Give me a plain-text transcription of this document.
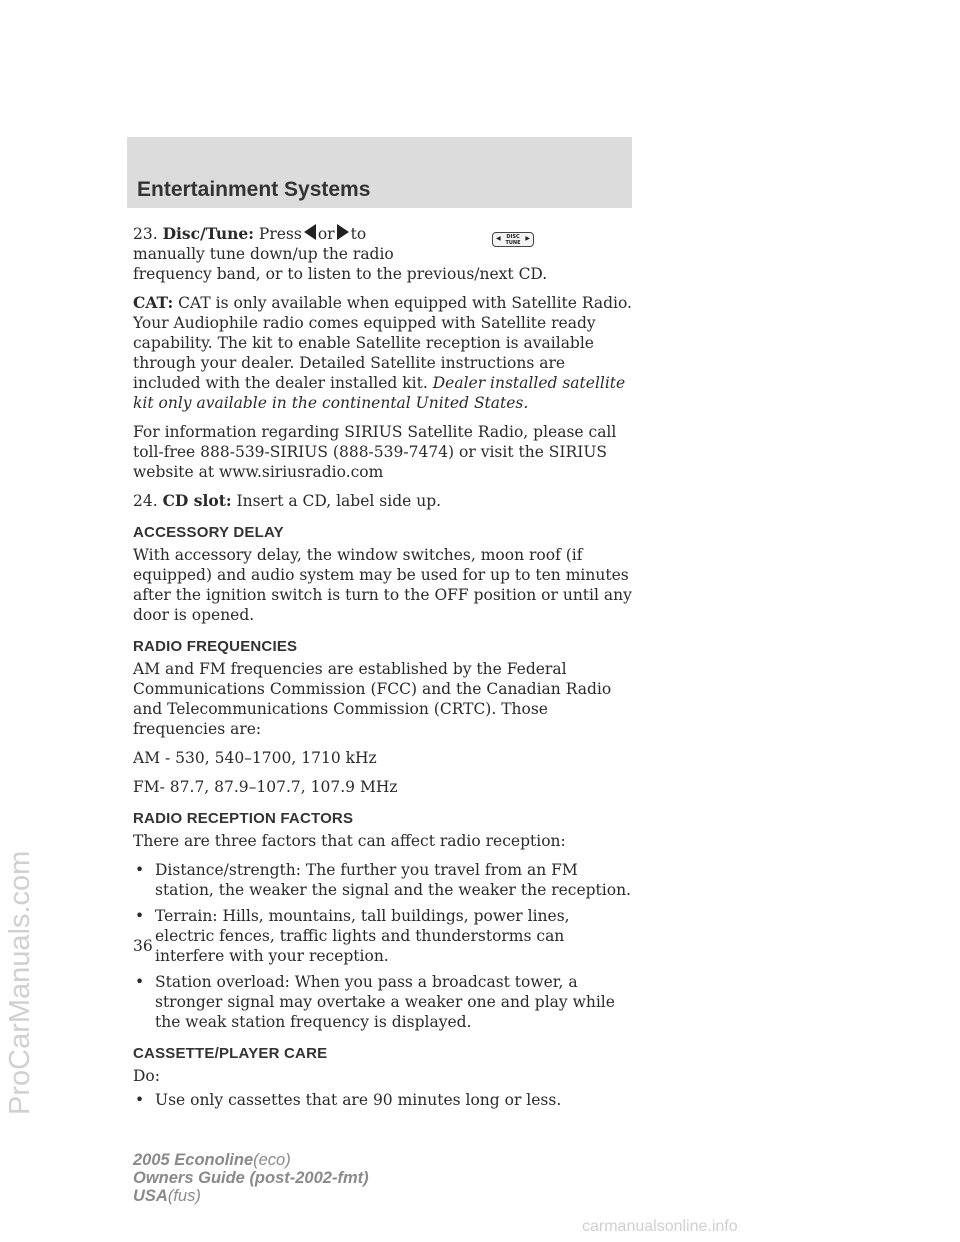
Entertainment Systems

23. Disc/Tune: Press or to

manually tune down/up the radio

frequency band, or to listen to the previous/next CD.

◀ DISC
TUNE
▶

CAT: CAT is only available when equipped with Satellite Radio. Your Audiophile radio comes equipped with Satellite ready capability. The kit to enable Satellite reception is available through your dealer. Detailed Satellite instructions are included with the dealer installed kit. Dealer installed satellite kit only available in the continental United States.

For information regarding SIRIUS Satellite Radio, please call toll-free 888-539-SIRIUS (888-539-7474) or visit the SIRIUS website at www.siriusradio.com

24. CD slot: Insert a CD, label side up.

ACCESSORY DELAY

With accessory delay, the window switches, moon roof (if equipped) and audio system may be used for up to ten minutes after the ignition switch is turn to the OFF position or until any door is opened.

RADIO FREQUENCIES

AM and FM frequencies are established by the Federal Communications Commission (FCC) and the Canadian Radio and Telecommunications Commission (CRTC). Those frequencies are:

AM - 530, 540–1700, 1710 kHz

FM- 87.7, 87.9–107.7, 107.9 MHz

RADIO RECEPTION FACTORS

There are three factors that can affect radio reception:

• Distance/strength: The further you travel from an FM station, the weaker the signal and the weaker the reception.
• Terrain: Hills, mountains, tall buildings, power lines, electric fences, traffic lights and thunderstorms can interfere with your reception.
• Station overload: When you pass a broadcast tower, a stronger signal may overtake a weaker one and play while the weak station frequency is displayed.
CASSETTE/PLAYER CARE

Do:

• Use only cassettes that are 90 minutes long or less.
36
2005 Econoline(eco)
Owners Guide (post-2002-fmt)
USA(fus)
ProCarManuals.com
carmanualsonline.info
